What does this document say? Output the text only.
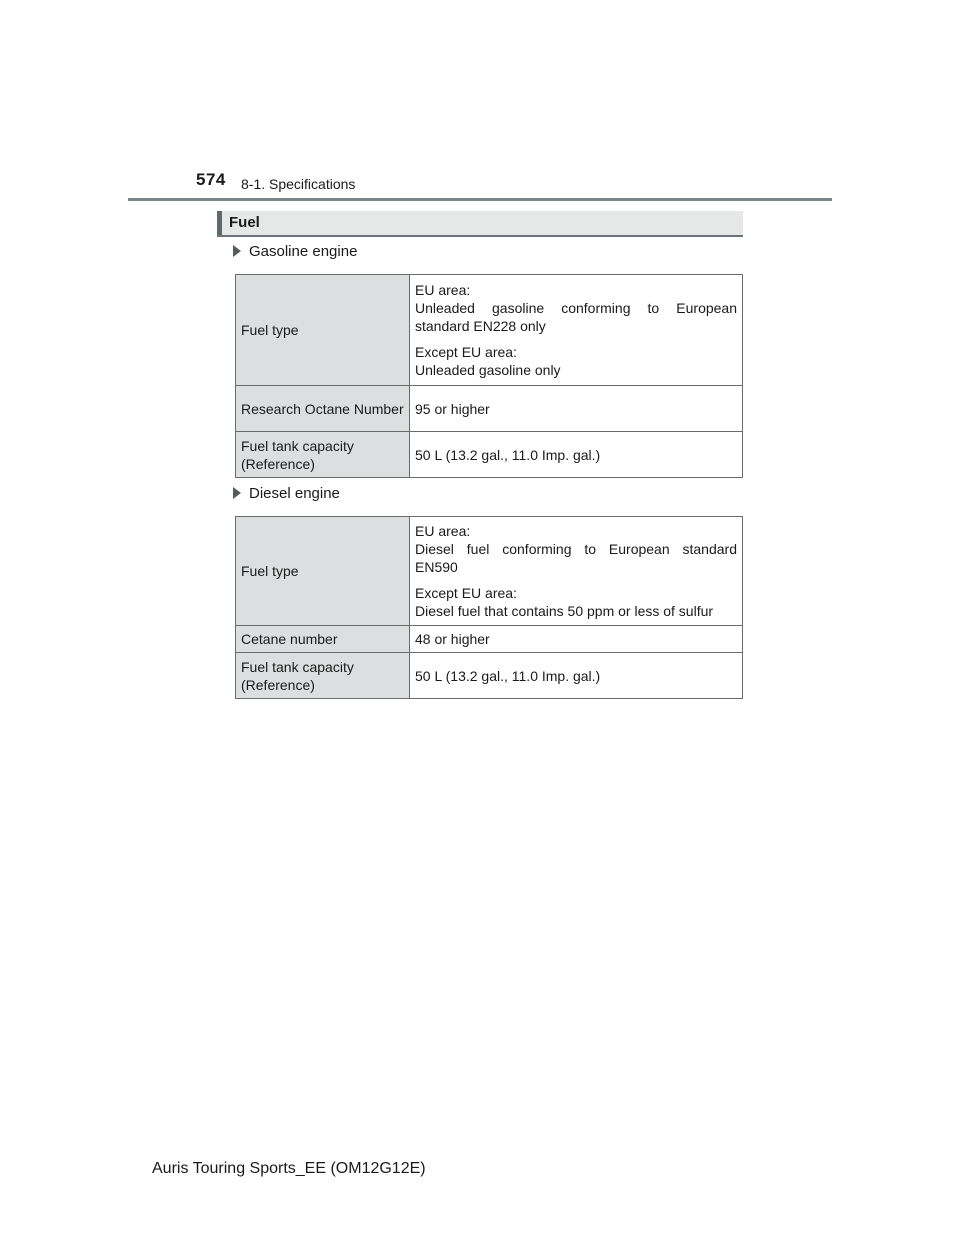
574 8-1. Specifications
Fuel
Gasoline engine
Fuel type	EU area:
Unleaded gasoline conforming to European standard EN228 only
Except EU area:
Unleaded gasoline only

Research Octane Number	95 or higher
Fuel tank capacity (Reference)	50 L (13.2 gal., 11.0 Imp. gal.)
Diesel engine
Fuel type	EU area:
Diesel fuel conforming to European standard EN590
Except EU area:
Diesel fuel that contains 50 ppm or less of sulfur

Cetane number	48 or higher
Fuel tank capacity (Reference)	50 L (13.2 gal., 11.0 Imp. gal.)
Auris Touring Sports_EE (OM12G12E)
